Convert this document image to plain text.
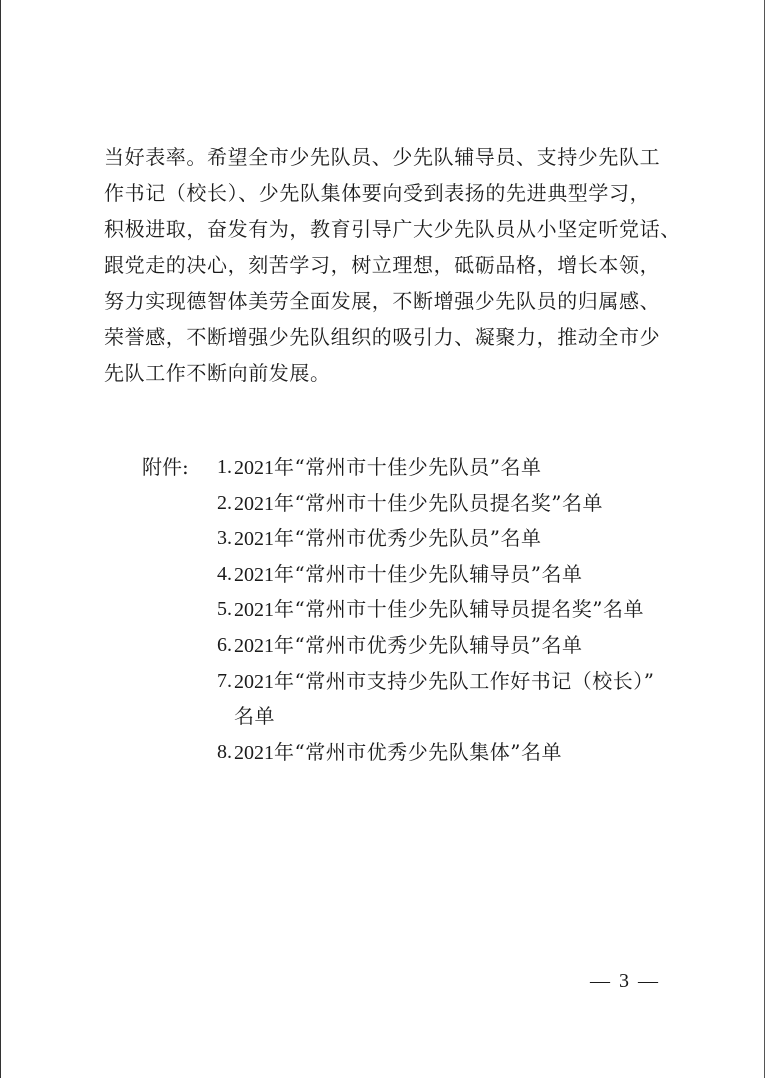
当好表率。希望全市少先队员、少先队辅导员、支持少先队工
作书记（校长）、少先队集体要向受到表扬的先进典型学习，
积极进取，奋发有为，教育引导广大少先队员从小坚定听党话、
跟党走的决心，刻苦学习，树立理想，砥砺品格，增长本领，
努力实现德智体美劳全面发展，不断增强少先队员的归属感、
荣誉感，不断增强少先队组织的吸引力、凝聚力，推动全市少
先队工作不断向前发展。
附件:	1. 2021年“常州市十佳少先队员”名单
2. 2021年“常州市十佳少先队员提名奖”名单
3. 2021年“常州市优秀少先队员”名单
4. 2021年“常州市十佳少先队辅导员”名单
5. 2021年“常州市十佳少先队辅导员提名奖”名单
6. 2021年“常州市优秀少先队辅导员”名单
7. 2021年“常州市支持少先队工作好书记（校长）”
名单
8. 2021年“常州市优秀少先队集体”名单
— 3 —
